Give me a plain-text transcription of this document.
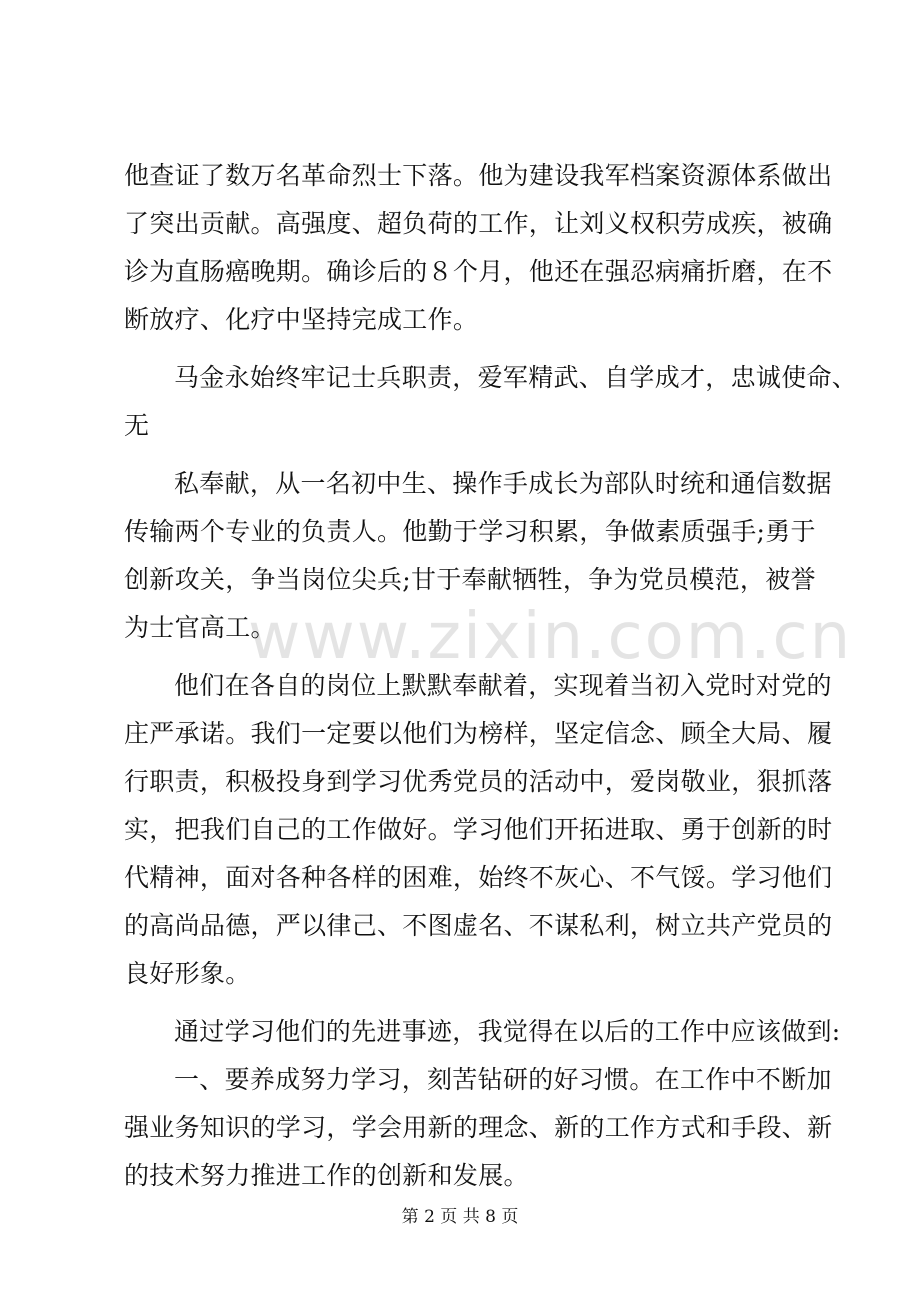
www.zixin.com.cn
他查证了数万名革命烈士下落。他为建设我军档案资源体系做出
了突出贡献。高强度、超负荷的工作，让刘义权积劳成疾，被确
诊为直肠癌晚期。确诊后的８个月，他还在强忍病痛折磨，在不
断放疗、化疗中坚持完成工作。
马金永始终牢记士兵职责，爱军精武、自学成才，忠诚使命、
无
私奉献，从一名初中生、操作手成长为部队时统和通信数据
传输两个专业的负责人。他勤于学习积累，争做素质强手;勇于
创新攻关，争当岗位尖兵;甘于奉献牺牲，争为党员模范，被誉
为士官高工。
他们在各自的岗位上默默奉献着，实现着当初入党时对党的
庄严承诺。我们一定要以他们为榜样，坚定信念、顾全大局、履
行职责，积极投身到学习优秀党员的活动中，爱岗敬业，狠抓落
实，把我们自己的工作做好。学习他们开拓进取、勇于创新的时
代精神，面对各种各样的困难，始终不灰心、不气馁。学习他们
的高尚品德，严以律己、不图虚名、不谋私利，树立共产党员的
良好形象。
通过学习他们的先进事迹，我觉得在以后的工作中应该做到:
一、要养成努力学习，刻苦钻研的好习惯。在工作中不断加
强业务知识的学习，学会用新的理念、新的工作方式和手段、新
的技术努力推进工作的创新和发展。
第 2 页 共 8 页
